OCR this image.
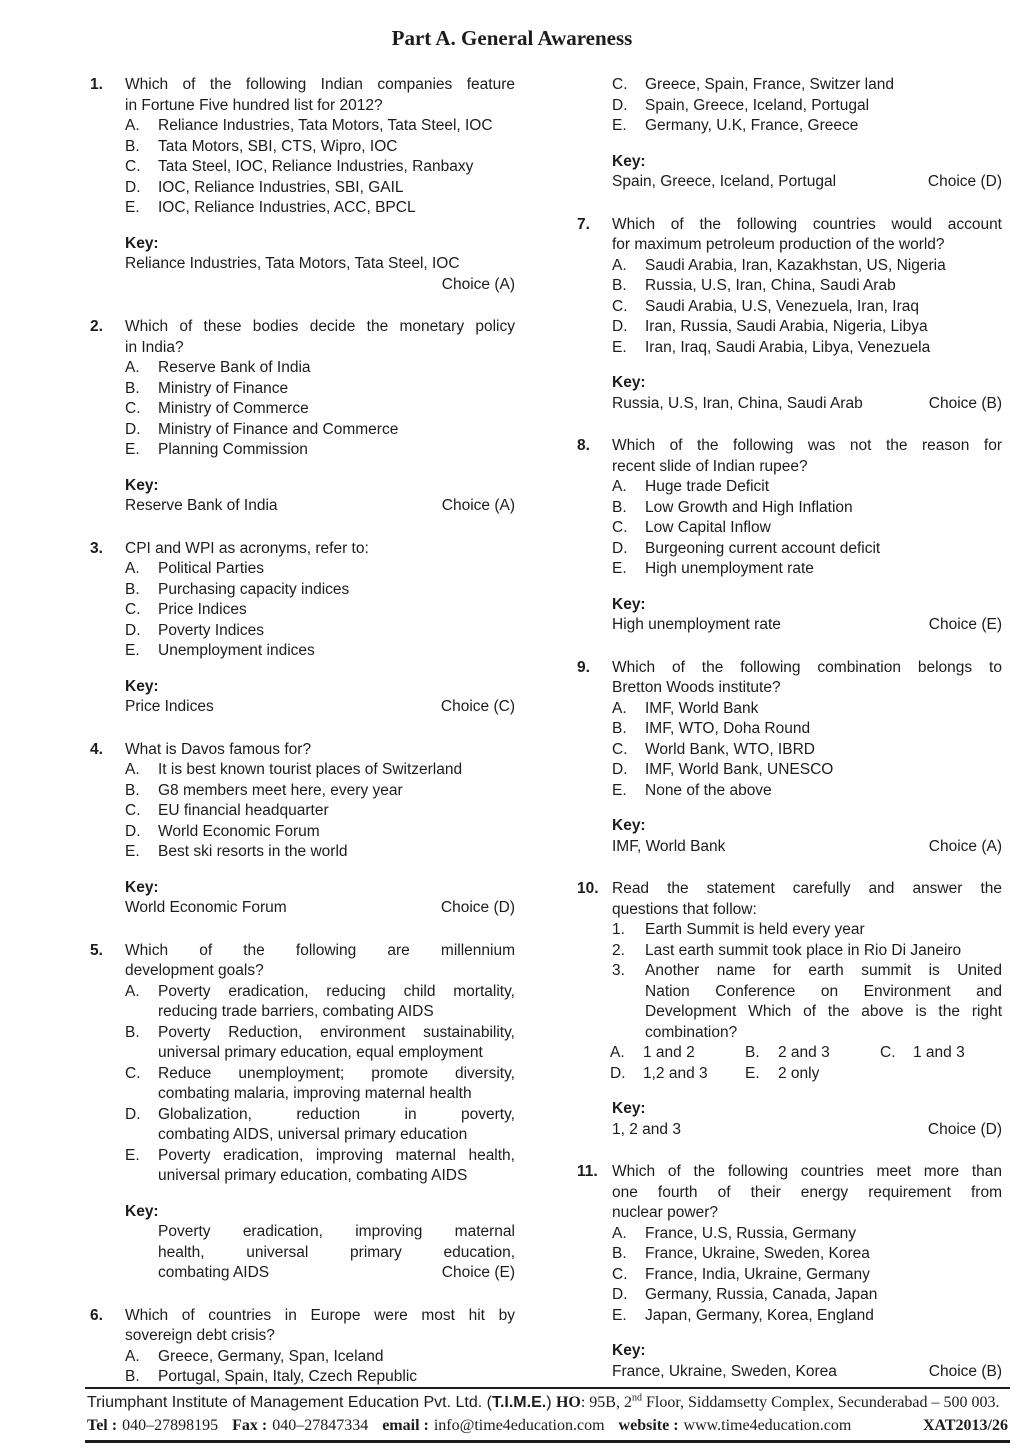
Part A. General Awareness
1.	Which of the following Indian companies feature
in Fortune Five hundred list for 2012?
A.	Reliance Industries, Tata Motors, Tata Steel, IOC
B.	Tata Motors, SBI, CTS, Wipro, IOC
C.	Tata Steel, IOC, Reliance Industries, Ranbaxy
D.	IOC, Reliance Industries, SBI, GAIL
E.	IOC, Reliance Industries, ACC, BPCL
Key:
Reliance Industries, Tata Motors, Tata Steel, IOC
Choice (A)
2.	Which of these bodies decide the monetary policy
in India?
A.	Reserve Bank of India
B.	Ministry of Finance
C.	Ministry of Commerce
D.	Ministry of Finance and Commerce
E.	Planning Commission
Key:
Reserve Bank of India	Choice (A)
3.	CPI and WPI as acronyms, refer to:
A.	Political Parties
B.	Purchasing capacity indices
C.	Price Indices
D.	Poverty Indices
E.	Unemployment indices
Key:
Price Indices	Choice (C)
4.	What is Davos famous for?
A.	It is best known tourist places of Switzerland
B.	G8 members meet here, every year
C.	EU financial headquarter
D.	World Economic Forum
E.	Best ski resorts in the world
Key:
World Economic Forum	Choice (D)
5.	Which of the following are millennium
development goals?
A.	Poverty eradication, reducing child mortality,
reducing trade barriers, combating AIDS
B.	Poverty Reduction, environment sustainability,
universal primary education, equal employment
C.	Reduce unemployment; promote diversity,
combating malaria, improving maternal health
D.	Globalization, reduction in poverty,
combating AIDS, universal primary education
E.	Poverty eradication, improving maternal health,
universal primary education, combating AIDS
Key:
Poverty eradication, improving maternal
health, universal primary education,
combating AIDS	Choice (E)
6.	Which of countries in Europe were most hit by
sovereign debt crisis?
A.	Greece, Germany, Span, Iceland
B.	Portugal, Spain, Italy, Czech Republic
C.	Greece, Spain, France, Switzer land
D.	Spain, Greece, Iceland, Portugal
E.	Germany, U.K, France, Greece
Key:
Spain, Greece, Iceland, Portugal	Choice (D)
7.	Which of the following countries would account
for maximum petroleum production of the world?
A.	Saudi Arabia, Iran, Kazakhstan, US, Nigeria
B.	Russia, U.S, Iran, China, Saudi Arab
C.	Saudi Arabia, U.S, Venezuela, Iran, Iraq
D.	Iran, Russia, Saudi Arabia, Nigeria, Libya
E.	Iran, Iraq, Saudi Arabia, Libya, Venezuela
Key:
Russia, U.S, Iran, China, Saudi Arab	Choice (B)
8.	Which of the following was not the reason for
recent slide of Indian rupee?
A.	Huge trade Deficit
B.	Low Growth and High Inflation
C.	Low Capital Inflow
D.	Burgeoning current account deficit
E.	High unemployment rate
Key:
High unemployment rate	Choice (E)
9.	Which of the following combination belongs to
Bretton Woods institute?
A.	IMF, World Bank
B.	IMF, WTO, Doha Round
C.	World Bank, WTO, IBRD
D.	IMF, World Bank, UNESCO
E.	None of the above
Key:
IMF, World Bank	Choice (A)
10. Read the statement carefully and answer the
questions that follow:
1.	Earth Summit is held every year
2.	Last earth summit took place in Rio Di Janeiro
3.	Another name for earth summit is United
Nation Conference on Environment and
Development Which of the above is the right
combination?
A.	1 and 2	B.	2 and 3	C.	1 and 3
D.	1,2 and 3 E.	2 only
Key:
1, 2 and 3	Choice (D)
11. Which of the following countries meet more than
one fourth of their energy requirement from
nuclear power?
A.	France, U.S, Russia, Germany
B.	France, Ukraine, Sweden, Korea
C.	France, India, Ukraine, Germany
D.	Germany, Russia, Canada, Japan
E.	Japan, Germany, Korea, England
Key:
France, Ukraine, Sweden, Korea	Choice (B)
Triumphant Institute of Management Education Pvt. Ltd. (T.I.M.E.) HO: 95B, 2nd Floor, Siddamsetty Complex, Secunderabad – 500 003.
Tel : 040–27898195 Fax : 040–27847334 email : info@time4education.com website : www.time4education.com	XAT2013/26
